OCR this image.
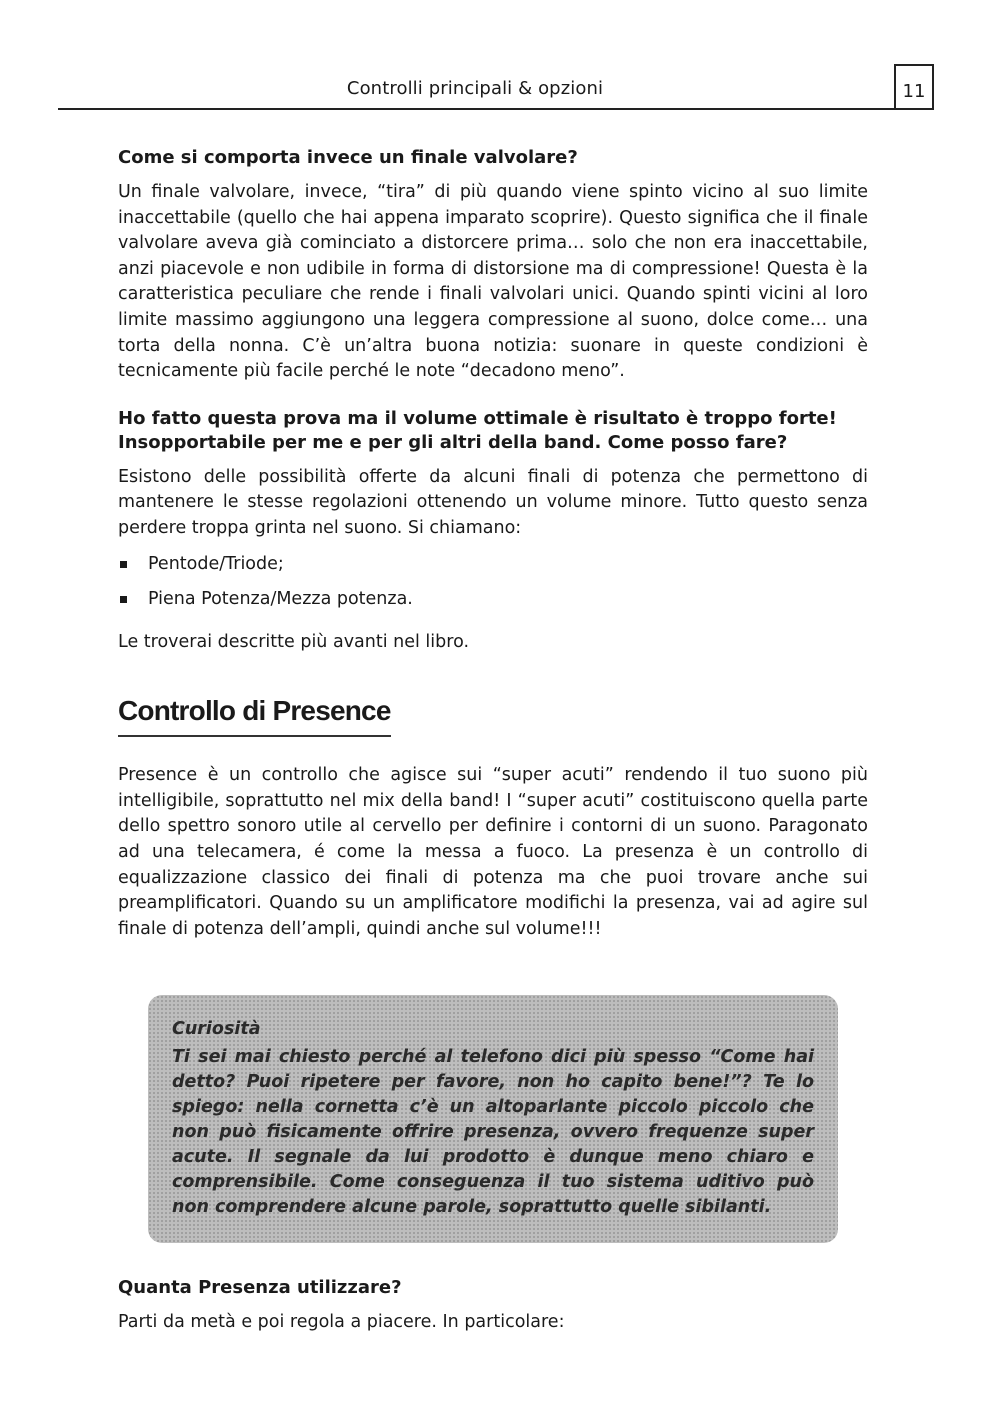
Controlli principali & opzioni	11
Come si comporta invece un finale valvolare?

Un finale valvolare, invece, “tira” di più quando viene spinto vicino al suo limite inaccettabile (quello che hai appena imparato scoprire). Questo significa che il finale valvolare aveva già cominciato a distorcere prima… solo che non era inaccettabile, anzi piacevole e non udibile in forma di distorsione ma di compressione! Questa è la caratteristica peculiare che rende i finali valvolari unici. Quando spinti vicini al loro limite massimo aggiungono una leggera compressione al suono, dolce come… una torta della nonna. C’è un’altra buona notizia: suonare in queste condizioni è tecnicamente più facile perché le note “decadono meno”.

Ho fatto questa prova ma il volume ottimale è risultato è troppo forte! Insopportabile per me e per gli altri della band. Come posso fare?

Esistono delle possibilità offerte da alcuni finali di potenza che permettono di mantenere le stesse regolazioni ottenendo un volume minore. Tutto questo senza perdere troppa grinta nel suono. Si chiamano:

Pentode/Triode;
Piena Potenza/Mezza potenza.

Le troverai descritte più avanti nel libro.

Controllo di Presence

Presence è un controllo che agisce sui “super acuti” rendendo il tuo suono più intelligibile, soprattutto nel mix della band! I “super acuti” costituiscono quella parte dello spettro sonoro utile al cervello per definire i contorni di un suono. Paragonato ad una telecamera, é come la messa a fuoco. La presenza è un controllo di equalizzazione classico dei finali di potenza ma che puoi trovare anche sui preamplificatori. Quando su un amplificatore modifichi la presenza, vai ad agire sul finale di potenza dell’ampli, quindi anche sul volume!!!

Curiosità

Ti sei mai chiesto perché al telefono dici più spesso “Come hai detto? Puoi ripetere per favore, non ho capito bene!”? Te lo spiego: nella cornetta c’è un altoparlante piccolo piccolo che non può fisicamente offrire presenza, ovvero frequenze super acute. Il segnale da lui prodotto è dunque meno chiaro e comprensibile. Come conseguenza il tuo sistema uditivo può non comprendere alcune parole, soprattutto quelle sibilanti.

Quanta Presenza utilizzare?

Parti da metà e poi regola a piacere. In particolare:
